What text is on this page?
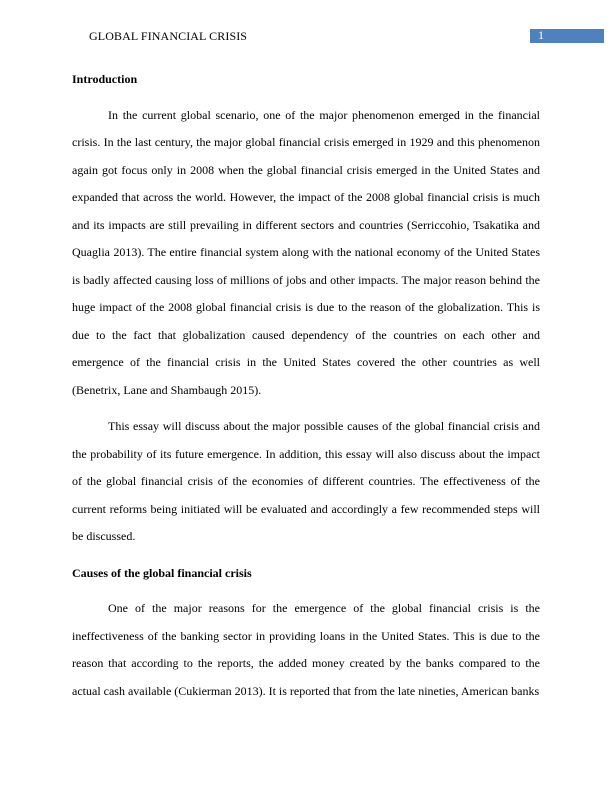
GLOBAL FINANCIAL CRISIS	1
Introduction

In the current global scenario, one of the major phenomenon emerged in the financial crisis. In the last century, the major global financial crisis emerged in 1929 and this phenomenon again got focus only in 2008 when the global financial crisis emerged in the United States and expanded that across the world. However, the impact of the 2008 global financial crisis is much and its impacts are still prevailing in different sectors and countries (Serriccohio, Tsakatika and Quaglia 2013). The entire financial system along with the national economy of the United States is badly affected causing loss of millions of jobs and other impacts. The major reason behind the huge impact of the 2008 global financial crisis is due to the reason of the globalization. This is due to the fact that globalization caused dependency of the countries on each other and emergence of the financial crisis in the United States covered the other countries as well (Benetrix, Lane and Shambaugh 2015).

This essay will discuss about the major possible causes of the global financial crisis and the probability of its future emergence. In addition, this essay will also discuss about the impact of the global financial crisis of the economies of different countries. The effectiveness of the current reforms being initiated will be evaluated and accordingly a few recommended steps will be discussed.

Causes of the global financial crisis

One of the major reasons for the emergence of the global financial crisis is the ineffectiveness of the banking sector in providing loans in the United States. This is due to the reason that according to the reports, the added money created by the banks compared to the actual cash available (Cukierman 2013). It is reported that from the late nineties, American banks
